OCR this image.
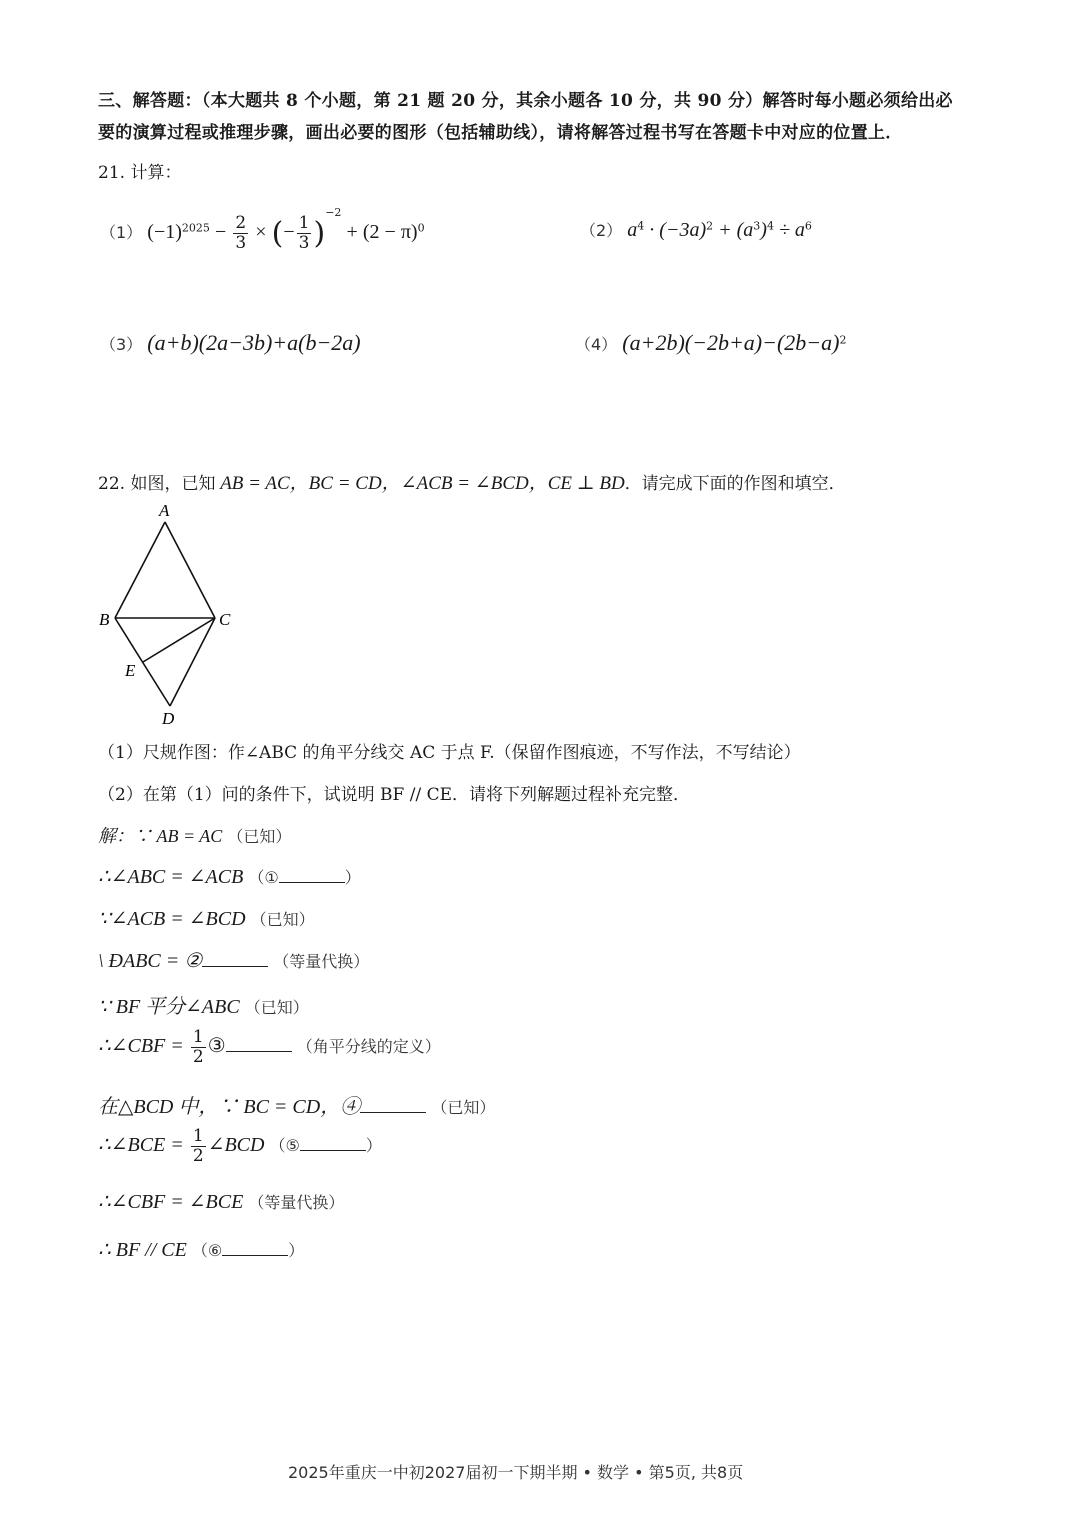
三、解答题：（本大题共 8 个小题，第 21 题 20 分，其余小题各 10 分，共 90 分）解答时每小题必须给出必
要的演算过程或推理步骤，画出必要的图形（包括辅助线），请将解答过程书写在答题卡中对应的位置上．
21. 计算：
（1） $(-1)^{2025} - \frac{2}{3}$ × (− $\frac{1}{3} )^{-2} + (2 - \pi)^0$	（2） $a^4 \cdot (-3a)^2 + (a^3)^4 \div a^6$
（3） (a+b)(2a−3b)+a(b−2a)	（4） $(a+2b)(-2b+a)-(2b-a)^2$
22. 如图，已知 AB = AC，BC = CD，∠ACB = ∠BCD，CE ⊥ BD．请完成下面的作图和填空．
A
B	C
E
D
（1）尺规作图：作∠ABC 的角平分线交 AC 于点 F.（保留作图痕迹，不写作法，不写结论）
（2）在第（1）问的条件下，试说明 BF // CE．请将下列解题过程补充完整．
解：∵ AB = AC （已知）
∴∠ABC = ∠ACB （①	）
∵∠ACB = ∠BCD （已知）
\ ĐABC = ②	（等量代换）
∵ BF 平分∠ABC （已知）
∴∠CBF = $\frac{1}{2}$ ③	（角平分线的定义）
在△BCD 中，∵ BC = CD，④	（已知）
∴∠BCE = $\frac{1}{2}$ ∠BCD （⑤	）
∴∠CBF = ∠BCE （等量代换）
∴ BF // CE （⑥	）
2025年重庆一中初2027届初一下期半期 • 数学 • 第5页, 共8页
